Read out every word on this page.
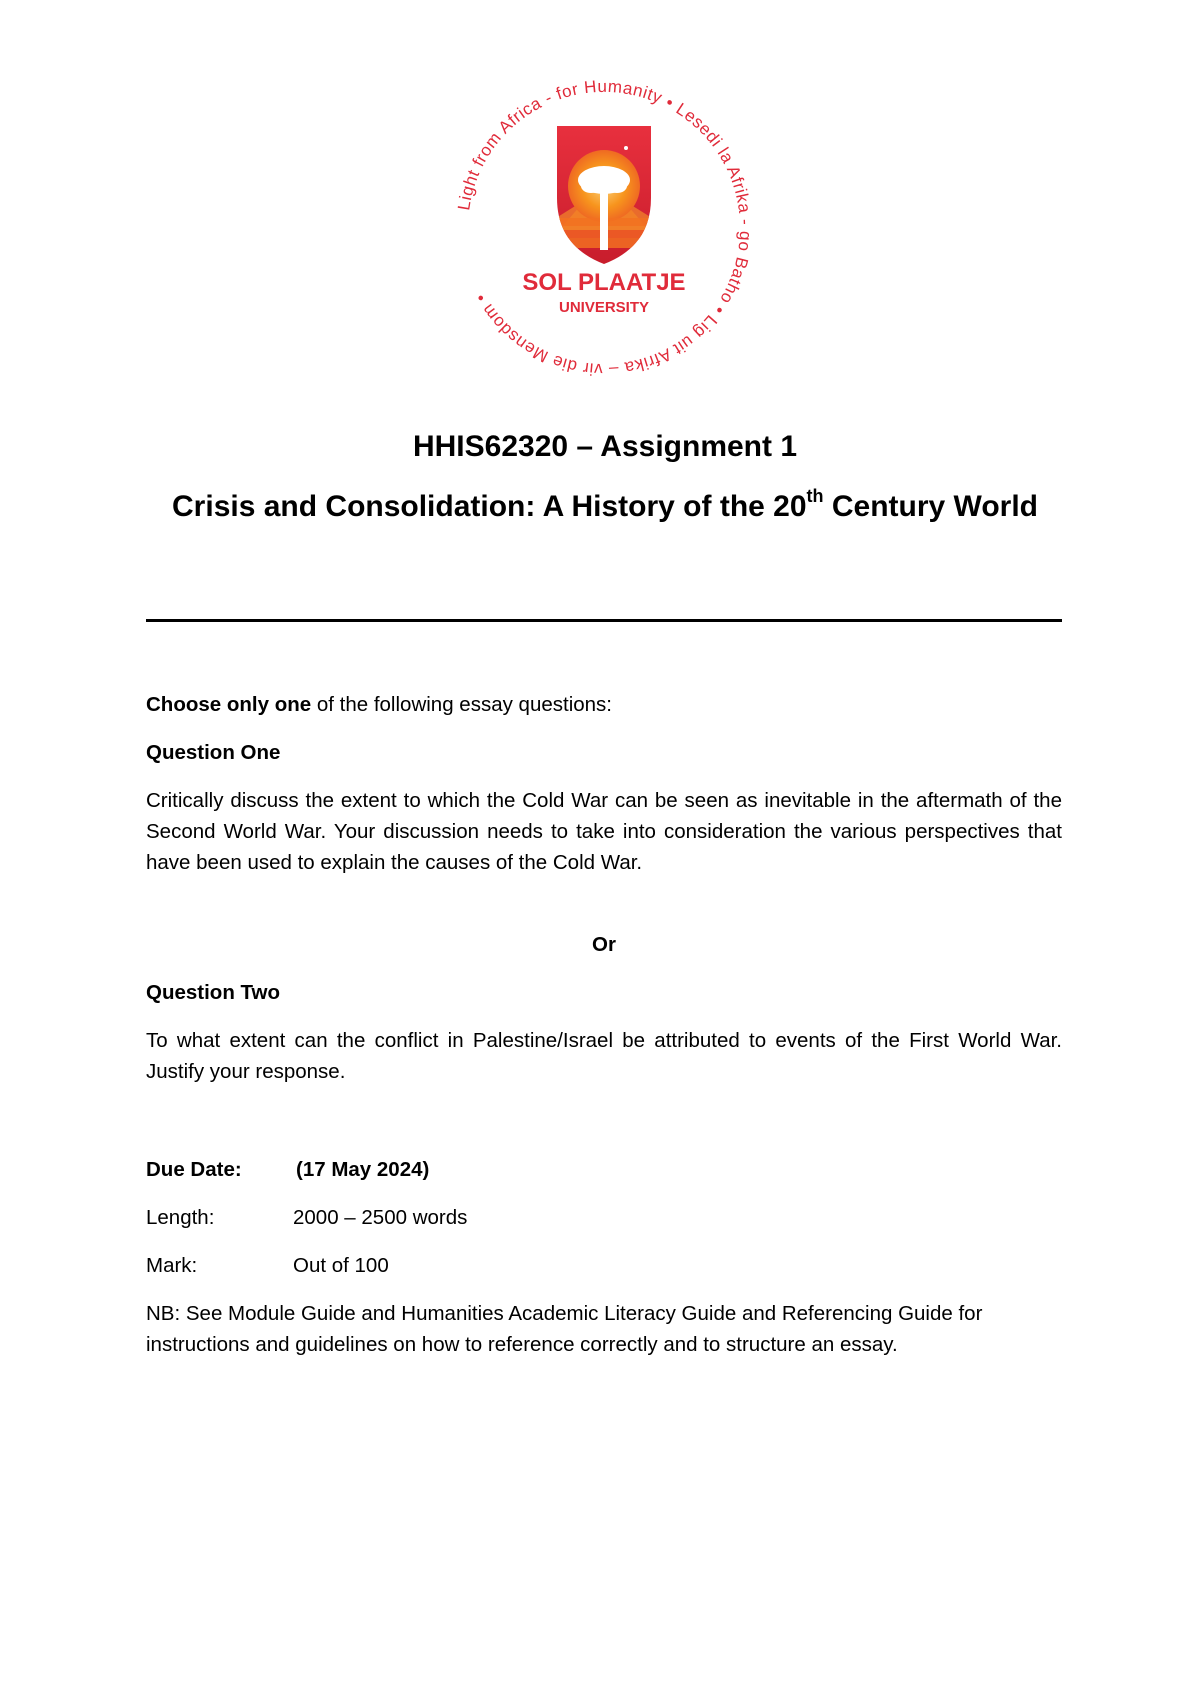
Light from Africa - for Humanity • Lesedi la Afrika - go Batho • Lig uit Afrika – vir die Mensdom •
SOL PLAATJE
UNIVERSITY
HHIS62320 – Assignment 1
Crisis and Consolidation: A History of the 20th Century World

Choose only one of the following essay questions:

Question One

Critically discuss the extent to which the Cold War can be seen as inevitable in the aftermath of the Second World War. Your discussion needs to take into consideration the various perspectives that have been used to explain the causes of the Cold War.

Or

Question Two

To what extent can the conflict in Palestine/Israel be attributed to events of the First World War. Justify your response.

Due Date:	(17 May 2024)
Length:	2000 – 2500 words
Mark:	Out of 100

NB: See Module Guide and Humanities Academic Literacy Guide and Referencing Guide for instructions and guidelines on how to reference correctly and to structure an essay.
